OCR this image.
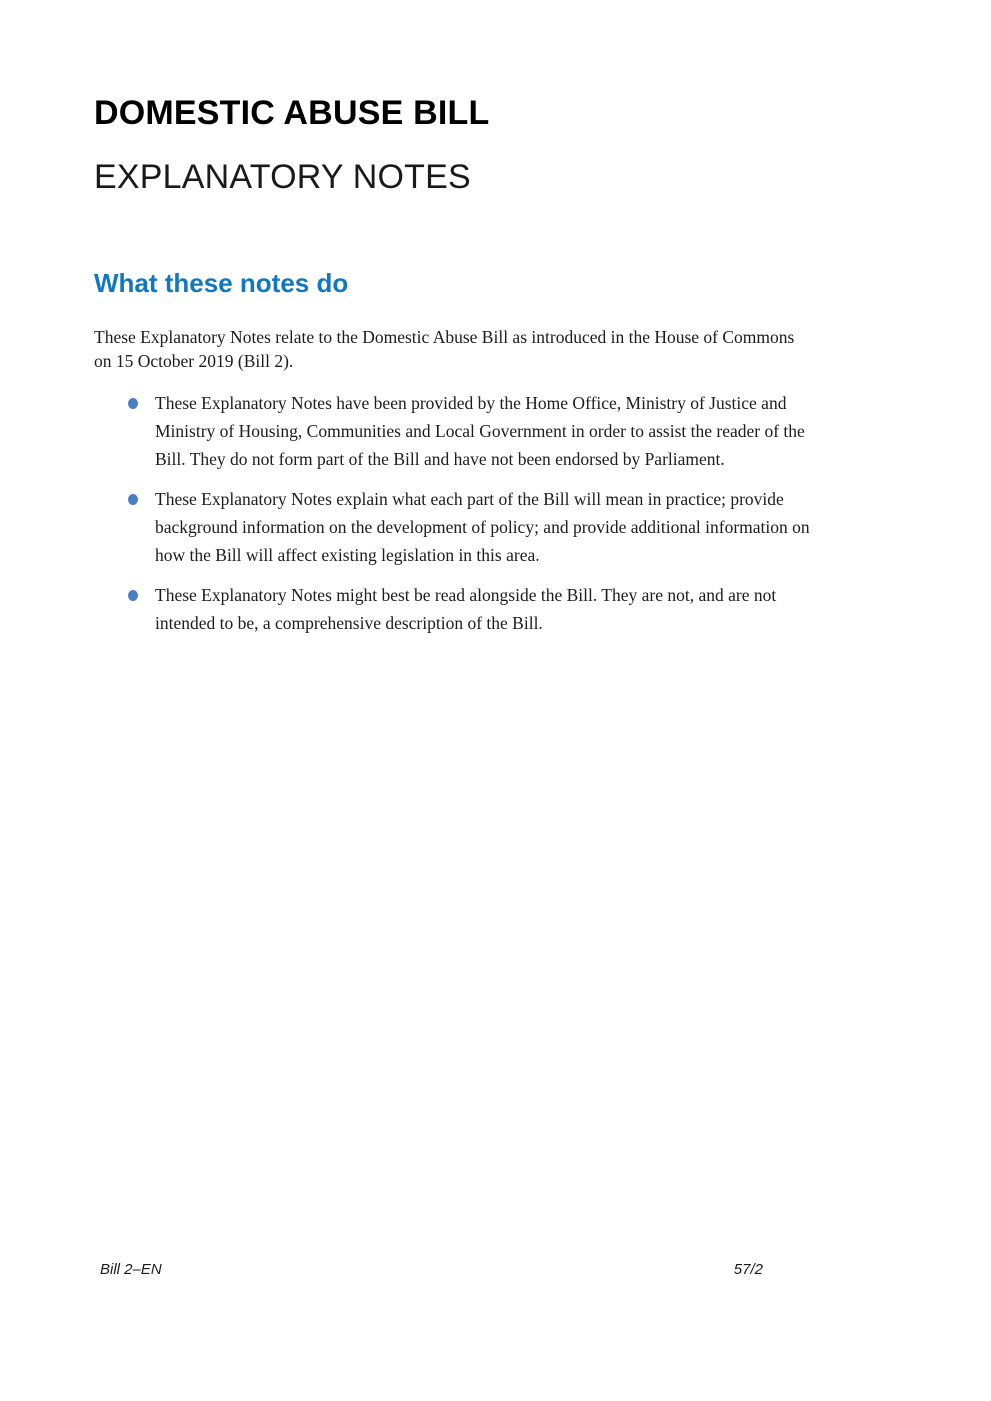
DOMESTIC ABUSE BILL
EXPLANATORY NOTES
What these notes do
These Explanatory Notes relate to the Domestic Abuse Bill as introduced in the House of Commons
on 15 October 2019 (Bill 2).
These Explanatory Notes have been provided by the Home Office, Ministry of Justice and
Ministry of Housing, Communities and Local Government in order to assist the reader of the
Bill. They do not form part of the Bill and have not been endorsed by Parliament.
These Explanatory Notes explain what each part of the Bill will mean in practice; provide
background information on the development of policy; and provide additional information on
how the Bill will affect existing legislation in this area.
These Explanatory Notes might best be read alongside the Bill. They are not, and are not
intended to be, a comprehensive description of the Bill.
Bill 2–EN	57/2
